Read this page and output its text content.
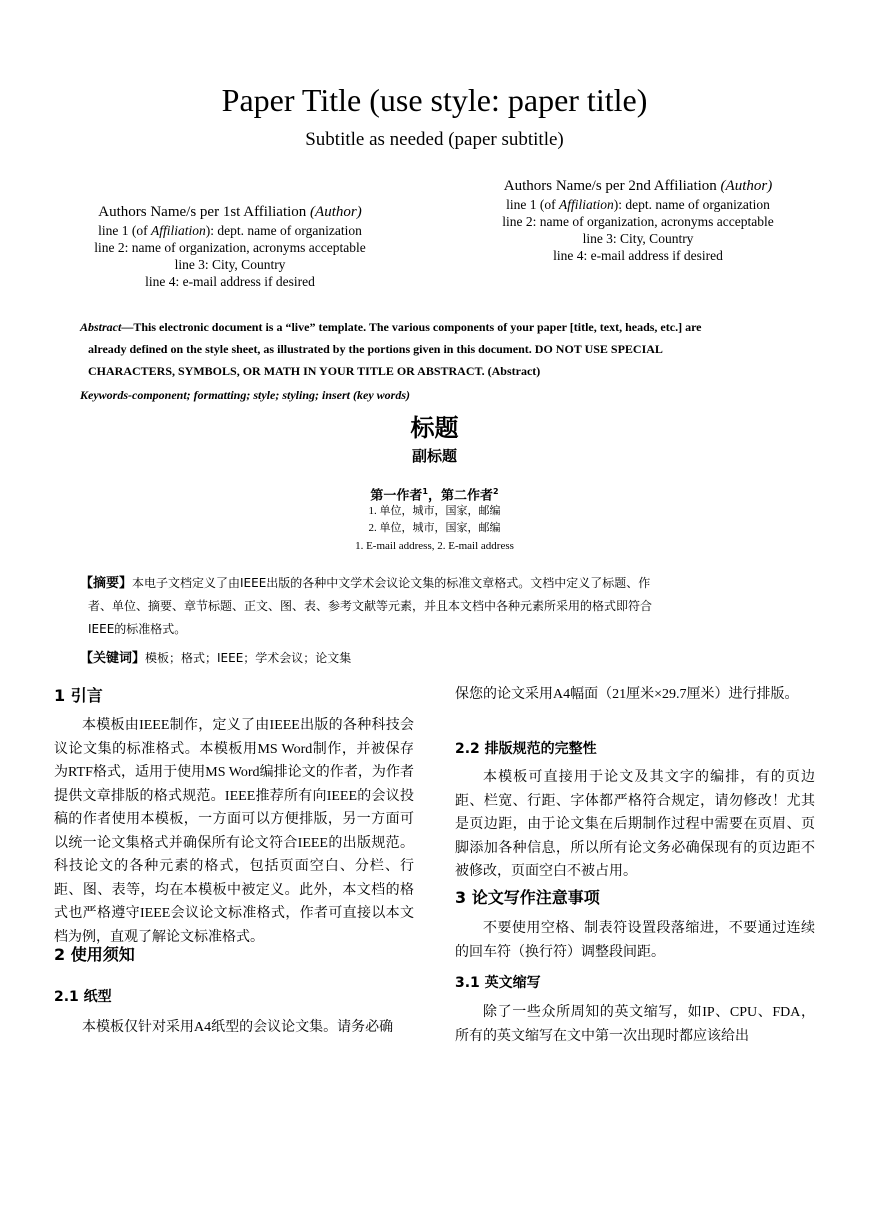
Paper Title (use style: paper title)
Subtitle as needed (paper subtitle)
Authors Name/s per 1st Affiliation (Author)
line 1 (of Affiliation): dept. name of organization
line 2: name of organization, acronyms acceptable
line 3: City, Country
line 4: e-mail address if desired
Authors Name/s per 2nd Affiliation (Author)
line 1 (of Affiliation): dept. name of organization
line 2: name of organization, acronyms acceptable
line 3: City, Country
line 4: e-mail address if desired
Abstract—This electronic document is a “live” template. The various components of your paper [title, text, heads, etc.] are
already defined on the style sheet, as illustrated by the portions given in this document. DO NOT USE SPECIAL
CHARACTERS, SYMBOLS, OR MATH IN YOUR TITLE OR ABSTRACT. (Abstract)
Keywords-component; formatting; style; styling; insert (key words)
标题
副标题
第一作者$^1$，第二作者$^2$
1. 单位，城市，国家，邮编
2. 单位，城市，国家，邮编
1. E-mail address, 2. E-mail address
【摘要】本电子文档定义了由IEEE出版的各种中文学术会议论文集的标准文章格式。文档中定义了标题、作
者、单位、摘要、章节标题、正文、图、表、参考文献等元素，并且本文档中各种元素所采用的格式即符合
IEEE的标准格式。
【关键词】模板；格式；IEEE；学术会议；论文集
1 引言
本模板由IEEE制作，定义了由IEEE出版的各种科技会议论文集的标准格式。本模板用MS Word制作，并被保存为RTF格式，适用于使用MS Word编排论文的作者，为作者提供文章排版的格式规范。IEEE推荐所有向IEEE的会议投稿的作者使用本模板，一方面可以方便排版，另一方面可以统一论文集格式并确保所有论文符合IEEE的出版规范。科技论文的各种元素的格式，包括页面空白、分栏、行距、图、表等，均在本模板中被定义。此外，本文档的格式也严格遵守IEEE会议论文标准格式，作者可直接以本文档为例，直观了解论文标准格式。
2 使用须知
2.1 纸型
本模板仅针对采用A4纸型的会议论文集。请务必确
保您的论文采用A4幅面（21厘米×29.7厘米）进行排版。
2.2 排版规范的完整性
本模板可直接用于论文及其文字的编排，有的页边距、栏宽、行距、字体都严格符合规定，请勿修改！尤其是页边距，由于论文集在后期制作过程中需要在页眉、页脚添加各种信息，所以所有论文务必确保现有的页边距不被修改，页面空白不被占用。
3 论文写作注意事项
不要使用空格、制表符设置段落缩进，不要通过连续的回车符（换行符）调整段间距。
3.1 英文缩写
除了一些众所周知的英文缩写，如IP、CPU、FDA，所有的英文缩写在文中第一次出现时都应该给出
